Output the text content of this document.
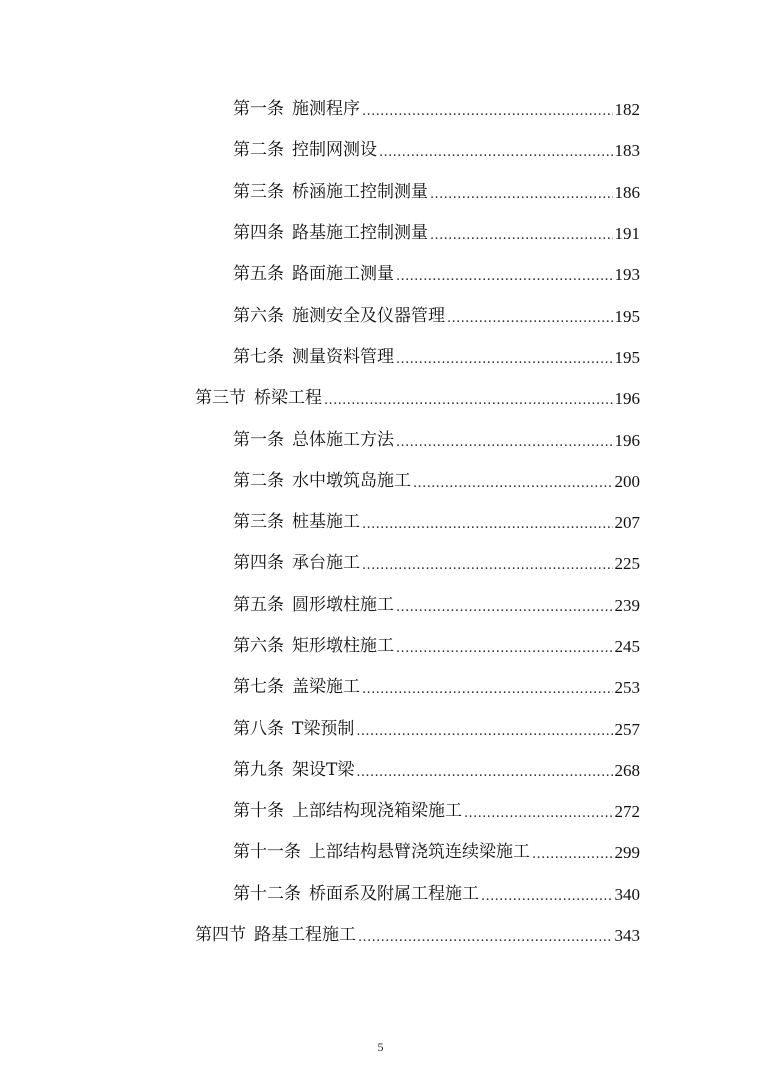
第一条 施测程序 .....	182
第二条 控制网测设 .....	183
第三条 桥涵施工控制测量 .....	186
第四条 路基施工控制测量 .....	191
第五条 路面施工测量 .....	193
第六条 施测安全及仪器管理 .....	195
第七条 测量资料管理 .....	195
第三节 桥梁工程 .....	196
第一条 总体施工方法 .....	196
第二条 水中墩筑岛施工 .....	200
第三条 桩基施工 .....	207
第四条 承台施工 .....	225
第五条 圆形墩柱施工 .....	239
第六条 矩形墩柱施工 .....	245
第七条 盖梁施工 .....	253
第八条 T梁预制 .....	257
第九条 架设T梁 .....	268
第十条 上部结构现浇箱梁施工 .....	272
第十一条 上部结构悬臂浇筑连续梁施工 .....	299
第十二条 桥面系及附属工程施工 .....	340
第四节 路基工程施工 .....	343
5
